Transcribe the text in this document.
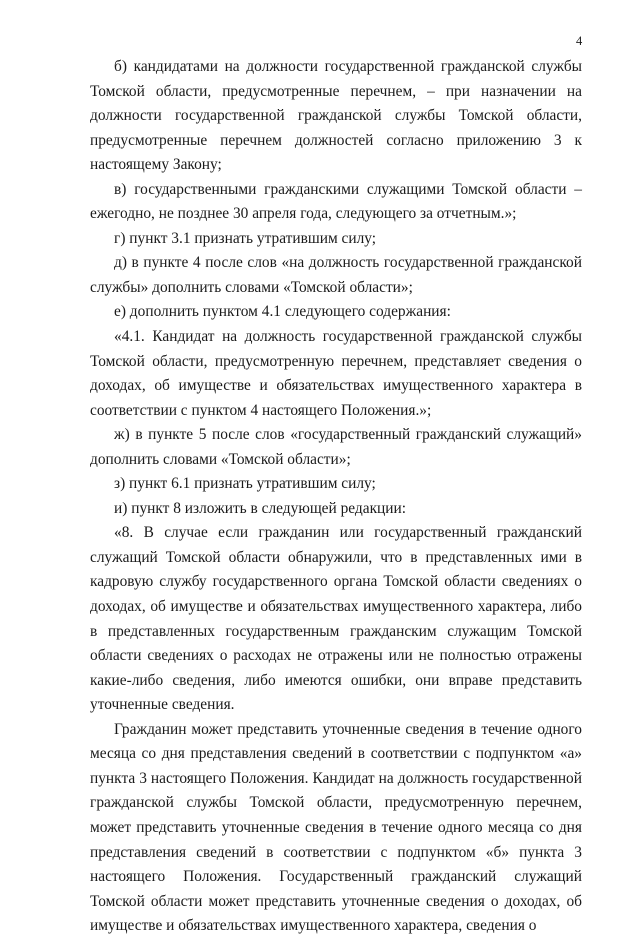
4

б) кандидатами на должности государственной гражданской службы Томской области, предусмотренные перечнем, – при назначении на должности государственной гражданской службы Томской области, предусмотренные перечнем должностей согласно приложению 3 к настоящему Закону;

в) государственными гражданскими служащими Томской области – ежегодно, не позднее 30 апреля года, следующего за отчетным.»;

г) пункт 3.1 признать утратившим силу;

д) в пункте 4 после слов «на должность государственной гражданской службы» дополнить словами «Томской области»;

е) дополнить пунктом 4.1 следующего содержания:

«4.1. Кандидат на должность государственной гражданской службы Томской области, предусмотренную перечнем, представляет сведения о доходах, об имуществе и обязательствах имущественного характера в соответствии с пунктом 4 настоящего Положения.»;

ж) в пункте 5 после слов «государственный гражданский служащий» дополнить словами «Томской области»;

з) пункт 6.1 признать утратившим силу;

и) пункт 8 изложить в следующей редакции:

«8. В случае если гражданин или государственный гражданский служащий Томской области обнаружили, что в представленных ими в кадровую службу государственного органа Томской области сведениях о доходах, об имуществе и обязательствах имущественного характера, либо в представленных государственным гражданским служащим Томской области сведениях о расходах не отражены или не полностью отражены какие-либо сведения, либо имеются ошибки, они вправе представить уточненные сведения.

Гражданин может представить уточненные сведения в течение одного месяца со дня представления сведений в соответствии с подпунктом «а» пункта 3 настоящего Положения. Кандидат на должность государственной гражданской службы Томской области, предусмотренную перечнем, может представить уточненные сведения в течение одного месяца со дня представления сведений в соответствии с подпунктом «б» пункта 3 настоящего Положения. Государственный гражданский служащий Томской области может представить уточненные сведения о доходах, об имуществе и обязательствах имущественного характера, сведения о
